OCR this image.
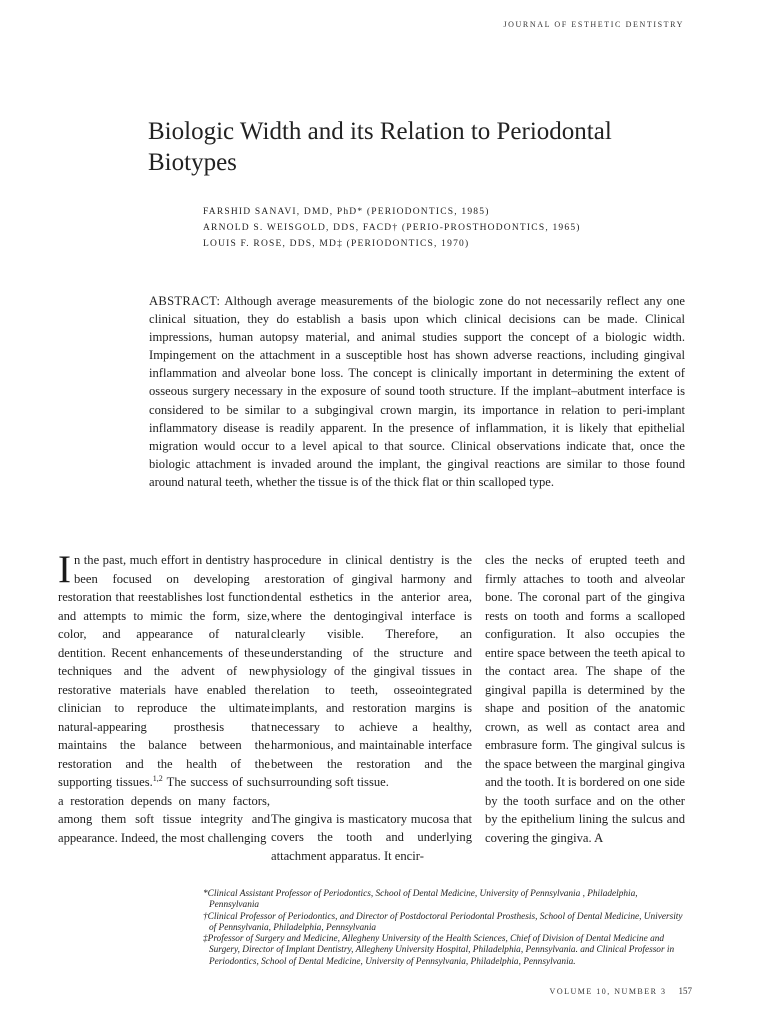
JOURNAL OF ESTHETIC DENTISTRY
Biologic Width and its Relation to Periodontal Biotypes
FARSHID SANAVI, DMD, PhD* (PERIODONTICS, 1985)
ARNOLD S. WEISGOLD, DDS, FACD† (PERIO-PROSTHODONTICS, 1965)
LOUIS F. ROSE, DDS, MD‡ (PERIODONTICS, 1970)
ABSTRACT: Although average measurements of the biologic zone do not necessarily reflect any one clinical situation, they do establish a basis upon which clinical decisions can be made. Clinical impressions, human autopsy material, and animal studies support the concept of a biologic width. Impingement on the attachment in a susceptible host has shown adverse reactions, including gingival inflammation and alveolar bone loss. The concept is clinically important in determining the extent of osseous surgery necessary in the exposure of sound tooth structure. If the implant–abutment interface is considered to be similar to a subgingival crown margin, its importance in relation to peri-implant inflammatory disease is readily apparent. In the presence of inflammation, it is likely that epithelial migration would occur to a level apical to that source. Clinical observations indicate that, once the biologic attachment is invaded around the implant, the gingival reactions are similar to those found around natural teeth, whether the tissue is of the thick flat or thin scalloped type.

In the past, much effort in dentistry has been focused on developing a restoration that reestablishes lost function and attempts to mimic the form, size, color, and appearance of natural dentition. Recent enhancements of these techniques and the advent of new restorative materials have enabled the clinician to reproduce the ultimate natural-appearing prosthesis that maintains the balance between the restoration and the health of the supporting tissues.$^{1,2}$ The success of such a restoration depends on many factors, among them soft tissue integrity and appearance. Indeed, the most challenging

procedure in clinical dentistry is the restoration of gingival harmony and dental esthetics in the anterior area, where the dentogingival interface is clearly visible. Therefore, an understanding of the structure and physiology of the gingival tissues in relation to teeth, osseointegrated implants, and restoration margins is necessary to achieve a healthy, harmonious, and maintainable interface between the restoration and the surrounding soft tissue.

The gingiva is masticatory mucosa that covers the tooth and underlying attachment apparatus. It encir-

cles the necks of erupted teeth and firmly attaches to tooth and alveolar bone. The coronal part of the gingiva rests on tooth and forms a scalloped configuration. It also occupies the entire space between the teeth apical to the contact area. The shape of the gingival papilla is determined by the shape and position of the anatomic crown, as well as contact area and embrasure form. The gingival sulcus is the space between the marginal gingiva and the tooth. It is bordered on one side by the tooth surface and on the other by the epithelium lining the sulcus and covering the gingiva. A

*Clinical Assistant Professor of Periodontics, School of Dental Medicine, University of Pennsylvania , Philadelphia, Pennsylvania
†Clinical Professor of Periodontics, and Director of Postdoctoral Periodontal Prosthesis, School of Dental Medicine, University of Pennsylvania, Philadelphia, Pennsylvania
‡Professor of Surgery and Medicine, Allegheny University of the Health Sciences, Chief of Division of Dental Medicine and Surgery, Director of Implant Dentistry, Allegheny University Hospital, Philadelphia, Pennsylvania. and Clinical Professor in Periodontics, School of Dental Medicine, University of Pennsylvania, Philadelphia, Pennsylvania.
VOLUME 10, NUMBER 3 157
